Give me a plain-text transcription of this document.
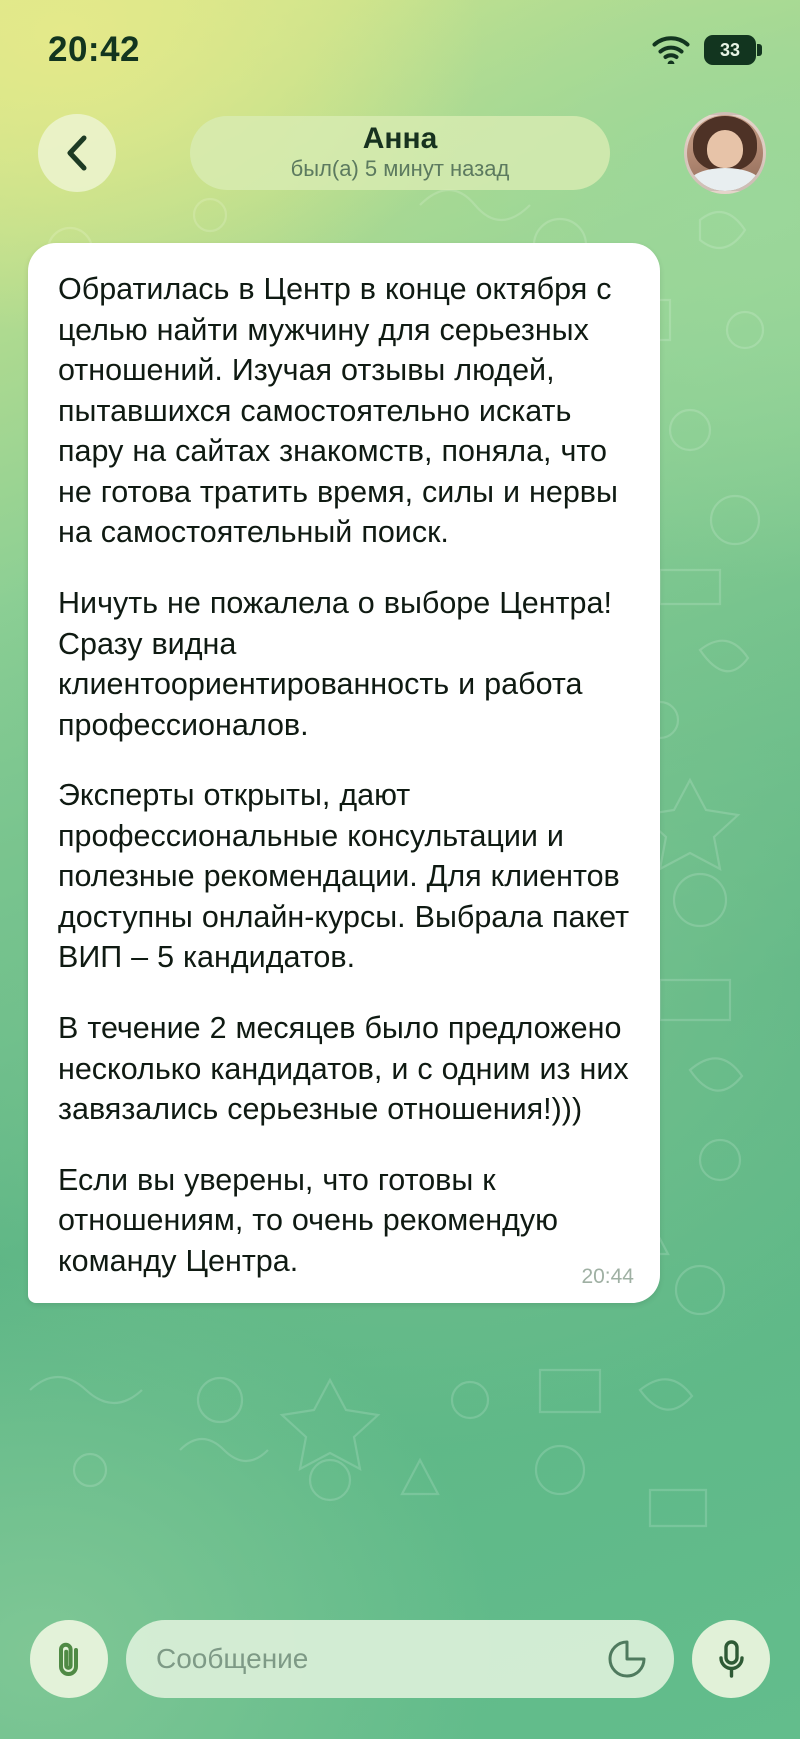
20:42	33
Анна
был(а) 5 минут назад

Обратилась в Центр в конце октября с целью найти мужчину для серьезных отношений. Изучая отзывы людей, пытавшихся самостоятельно искать пару на сайтах знакомств, поняла, что не готова тратить время, силы и нервы на самостоятельный поиск.

Ничуть не пожалела о выборе Центра! Сразу видна клиентоориентированность и работа профессионалов.

Эксперты открыты, дают профессиональные консультации и полезные рекомендации. Для клиентов доступны онлайн-курсы. Выбрала пакет ВИП – 5 кандидатов.

В течение 2 месяцев было предложено несколько кандидатов, и с одним из них завязались серьезные отношения!)))

Если вы уверены, что готовы к отношениям, то очень рекомендую команду Центра.	20:44
Сообщение
